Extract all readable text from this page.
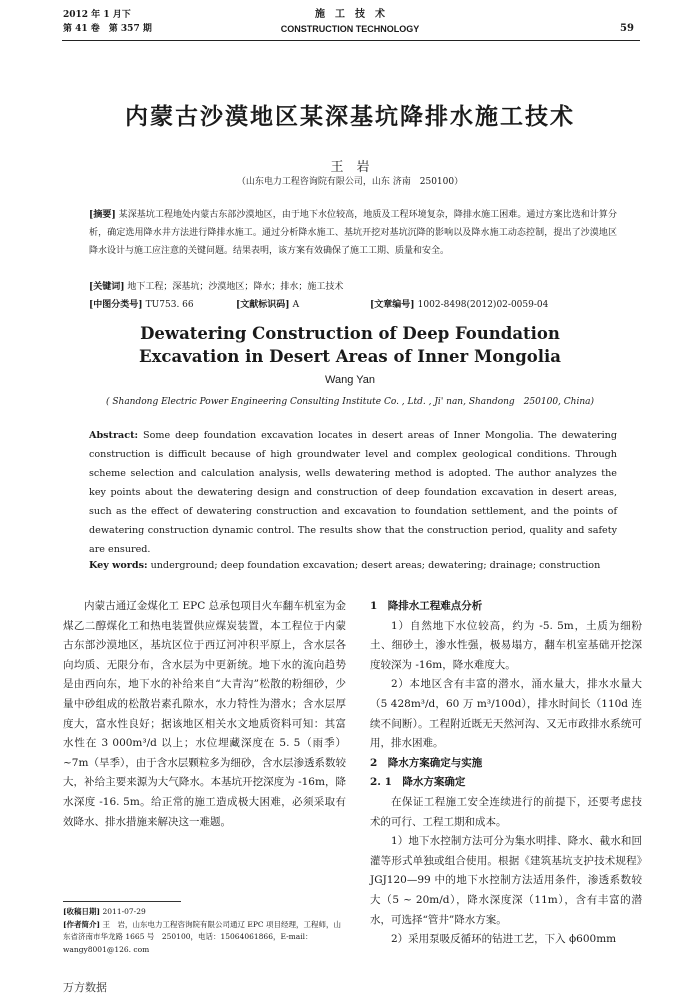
2012 年 1 月下
第 41 卷　第 357 期
施　工　技　术
CONSTRUCTION TECHNOLOGY	59
内蒙古沙漠地区某深基坑降排水施工技术
王　岩
（山东电力工程咨询院有限公司，山东 济南　250100）
[摘要] 某深基坑工程地处内蒙古东部沙漠地区，由于地下水位较高，地质及工程环境复杂，降排水施工困难。通过方案比选和计算分析，确定选用降水井方法进行降排水施工。通过分析降水施工、基坑开挖对基坑沉降的影响以及降水施工动态控制，提出了沙漠地区降水设计与施工应注意的关键问题。结果表明，该方案有效确保了施工工期、质量和安全。
[关键词] 地下工程；深基坑；沙漠地区；降水；排水；施工技术
[中图分类号] TU753. 66	[文献标识码] A	[文章编号] 1002-8498(2012)02-0059-04
Dewatering Construction of Deep Foundation
Excavation in Desert Areas of Inner Mongolia
Wang Yan
( Shandong Electric Power Engineering Consulting Institute Co. , Ltd. , Ji' nan, Shandong　250100, China)
Abstract: Some deep foundation excavation locates in desert areas of Inner Mongolia. The dewatering construction is difficult because of high groundwater level and complex geological conditions. Through scheme selection and calculation analysis, wells dewatering method is adopted. The author analyzes the key points about the dewatering design and construction of deep foundation excavation in desert areas, such as the effect of dewatering construction and excavation to foundation settlement, and the points of dewatering construction dynamic control. The results show that the construction period, quality and safety are ensured.
Key words: underground; deep foundation excavation; desert areas; dewatering; drainage; construction

内蒙古通辽金煤化工 EPC 总承包项目火车翻车机室为金煤乙二醇煤化工和热电装置供应煤炭装置，本工程位于内蒙古东部沙漠地区，基坑区位于西辽河冲积平原上，含水层各向均质、无限分布，含水层为中更新统。地下水的流向趋势是由西向东，地下水的补给来自“大青沟”松散的粉细砂，少量中砂组成的松散岩素孔隙水，水力特性为潜水；含水层厚度大，富水性良好；据该地区相关水文地质资料可知：其富水性在 3 000m³/d 以上；水位埋藏深度在 5. 5（雨季）~7m（旱季），由于含水层颗粒多为细砂，含水层渗透系数较大，补给主要来源为大气降水。本基坑开挖深度为 -16m，降水深度 -16. 5m。给正常的施工造成极大困难，必须采取有效降水、排水措施来解决这一难题。

1　降排水工程难点分析

1）自然地下水位较高，约为 -5. 5m，土质为细粉土、细砂土，渗水性强，极易塌方，翻车机室基础开挖深度较深为 -16m，降水难度大。

2）本地区含有丰富的潜水，涌水量大，排水水量大（5 428m³/d，60 万 m³/100d），排水时间长（110d 连续不间断）。工程附近既无天然河沟、又无市政排水系统可用，排水困难。

2　降水方案确定与实施

2. 1　降水方案确定

在保证工程施工安全连续进行的前提下，还要考虑技术的可行、工程工期和成本。

1）地下水控制方法可分为集水明排、降水、截水和回灌等形式单独或组合使用。根据《建筑基坑支护技术规程》JGJ120—99 中的地下水控制方法适用条件，渗透系数较大（5 ~ 20m/d），降水深度深（11m），含有丰富的潜水，可选择“管井”降水方案。

2）采用泵吸反循环的钻进工艺，下入 ϕ600mm

[收稿日期] 2011-07-29
[作者简介] 王　岩，山东电力工程咨询院有限公司通辽 EPC 项目经理，工程师，山东省济南市华龙路 1665 号　250100，电话：15064061866，E-mail：wangy8001@126. com
万方数据
